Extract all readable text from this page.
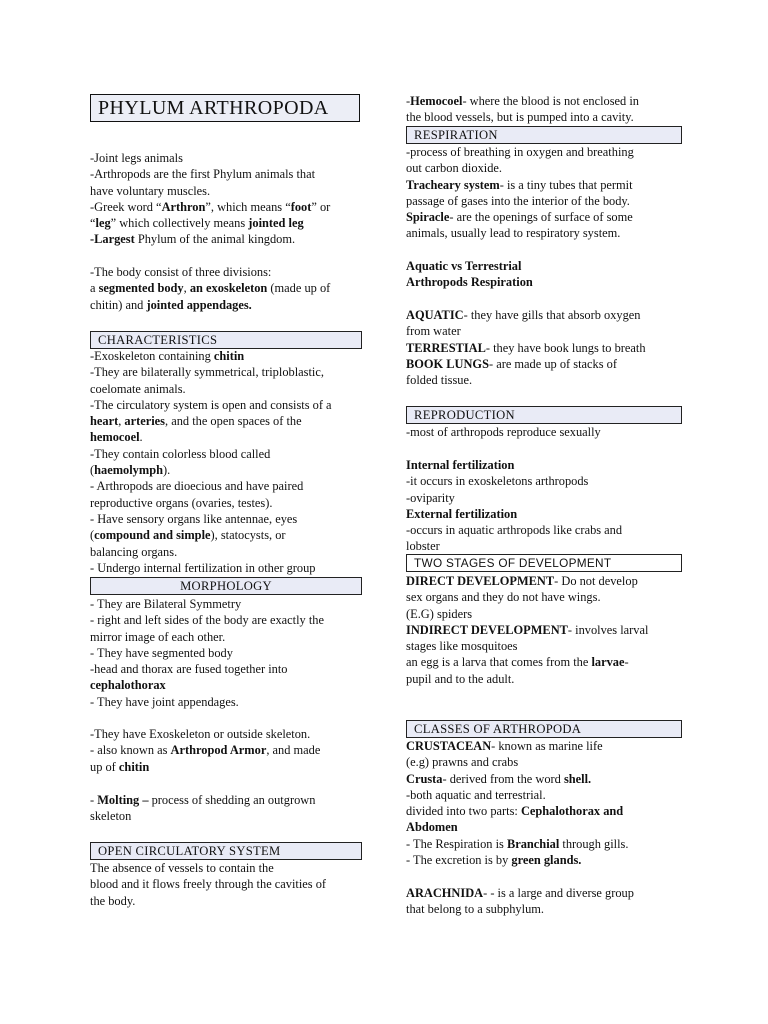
PHYLUM ARTHROPODA

-Joint legs animals

-Arthropods are the first Phylum animals that

have voluntary muscles.

-Greek word “Arthron”, which means “foot” or

“leg” which collectively means jointed leg

-Largest Phylum of the animal kingdom.

-The body consist of three divisions:

a segmented body, an exoskeleton (made up of

chitin) and jointed appendages.

CHARACTERISTICS

-Exoskeleton containing chitin

-They are bilaterally symmetrical, triploblastic,

coelomate animals.

-The circulatory system is open and consists of a

heart, arteries, and the open spaces of the

hemocoel.

-They contain colorless blood called

(haemolymph).

- Arthropods are dioecious and have paired

reproductive organs (ovaries, testes).

- Have sensory organs like antennae, eyes

(compound and simple), statocysts, or

balancing organs.

- Undergo internal fertilization in other group

MORPHOLOGY

- They are Bilateral Symmetry

- right and left sides of the body are exactly the

mirror image of each other.

- They have segmented body

-head and thorax are fused together into

cephalothorax

- They have joint appendages.

-They have Exoskeleton or outside skeleton.

- also known as Arthropod Armor, and made

up of chitin

- Molting – process of shedding an outgrown

skeleton

OPEN CIRCULATORY SYSTEM

The absence of vessels to contain the

blood and it flows freely through the cavities of

the body.

-Hemocoel- where the blood is not enclosed in

the blood vessels, but is pumped into a cavity.

RESPIRATION

-process of breathing in oxygen and breathing

out carbon dioxide.

Tracheary system- is a tiny tubes that permit

passage of gases into the interior of the body.

Spiracle- are the openings of surface of some

animals, usually lead to respiratory system.

Aquatic vs Terrestrial

Arthropods Respiration

AQUATIC- they have gills that absorb oxygen

from water

TERRESTIAL- they have book lungs to breath

BOOK LUNGS- are made up of stacks of

folded tissue.

REPRODUCTION

-most of arthropods reproduce sexually

Internal fertilization

-it occurs in exoskeletons arthropods

-oviparity

External fertilization

-occurs in aquatic arthropods like crabs and

lobster

TWO STAGES OF DEVELOPMENT

DIRECT DEVELOPMENT- Do not develop

sex organs and they do not have wings.

(E.G) spiders

INDIRECT DEVELOPMENT- involves larval

stages like mosquitoes

an egg is a larva that comes from the larvae-

pupil and to the adult.

CLASSES OF ARTHROPODA

CRUSTACEAN- known as marine life

(e.g) prawns and crabs

Crusta- derived from the word shell.

-both aquatic and terrestrial.

divided into two parts: Cephalothorax and

Abdomen

- The Respiration is Branchial through gills.

- The excretion is by green glands.

ARACHNIDA- - is a large and diverse group

that belong to a subphylum.
